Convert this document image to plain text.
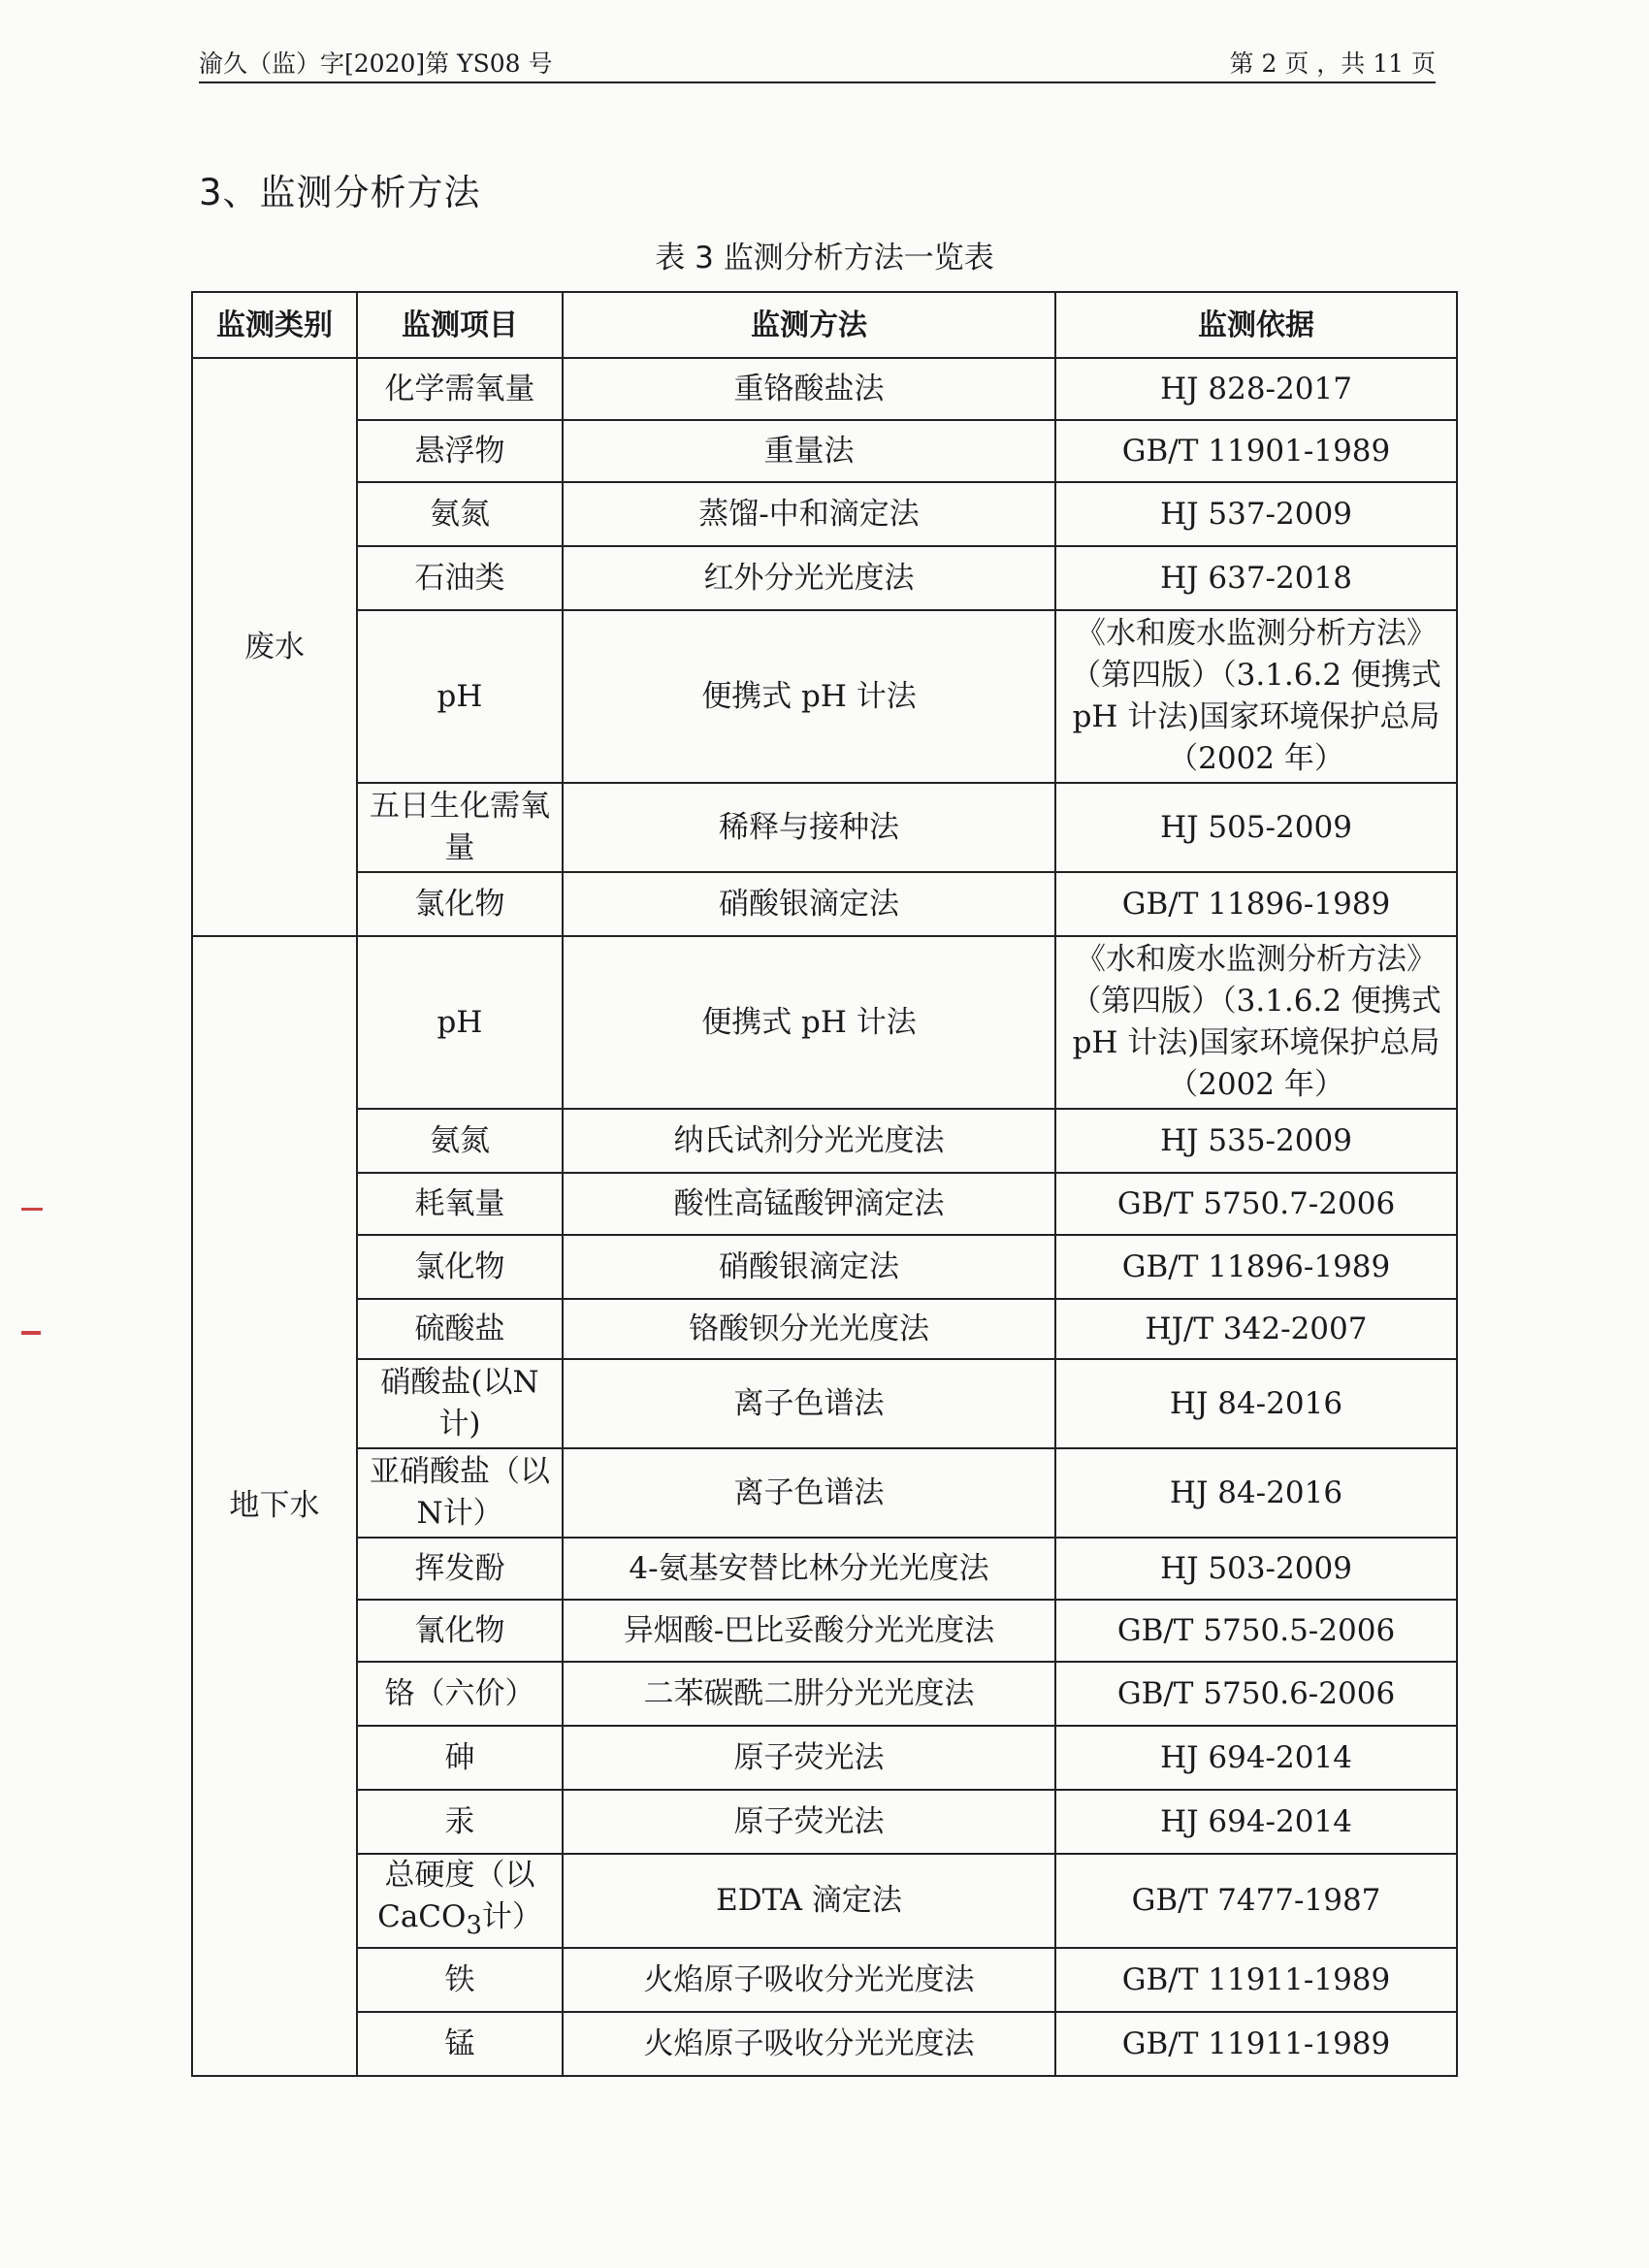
渝久（监）字[2020]第 YS08 号	第 2 页 ，共 11 页
3、监测分析方法
表 3 监测分析方法一览表
监测类别	监测项目	监测方法	监测依据
废水	化学需氧量	重铬酸盐法	HJ 828-2017
	悬浮物	重量法	GB/T 11901-1989
	氨氮	蒸馏-中和滴定法	HJ 537-2009
	石油类	红外分光光度法	HJ 637-2018
	pH	便携式 pH 计法	《水和废水监测分析方法》（第四版）（3.1.6.2 便携式 pH 计法)国家环境保护总局（2002 年）
	五日生化需氧量	稀释与接种法	HJ 505-2009
	氯化物	硝酸银滴定法	GB/T 11896-1989
地下水	pH	便携式 pH 计法	《水和废水监测分析方法》（第四版）（3.1.6.2 便携式 pH 计法)国家环境保护总局（2002 年）
	氨氮	纳氏试剂分光光度法	HJ 535-2009
	耗氧量	酸性高锰酸钾滴定法	GB/T 5750.7-2006
	氯化物	硝酸银滴定法	GB/T 11896-1989
	硫酸盐	铬酸钡分光光度法	HJ/T 342-2007
	硝酸盐(以N计)	离子色谱法	HJ 84-2016
	亚硝酸盐（以N计）	离子色谱法	HJ 84-2016
	挥发酚	4-氨基安替比林分光光度法	HJ 503-2009
	氰化物	异烟酸-巴比妥酸分光光度法	GB/T 5750.5-2006
	铬（六价）	二苯碳酰二肼分光光度法	GB/T 5750.6-2006
	砷	原子荧光法	HJ 694-2014
	汞	原子荧光法	HJ 694-2014
	总硬度（以CaCO$_3$计）	EDTA 滴定法	GB/T 7477-1987
	铁	火焰原子吸收分光光度法	GB/T 11911-1989
	锰	火焰原子吸收分光光度法	GB/T 11911-1989
